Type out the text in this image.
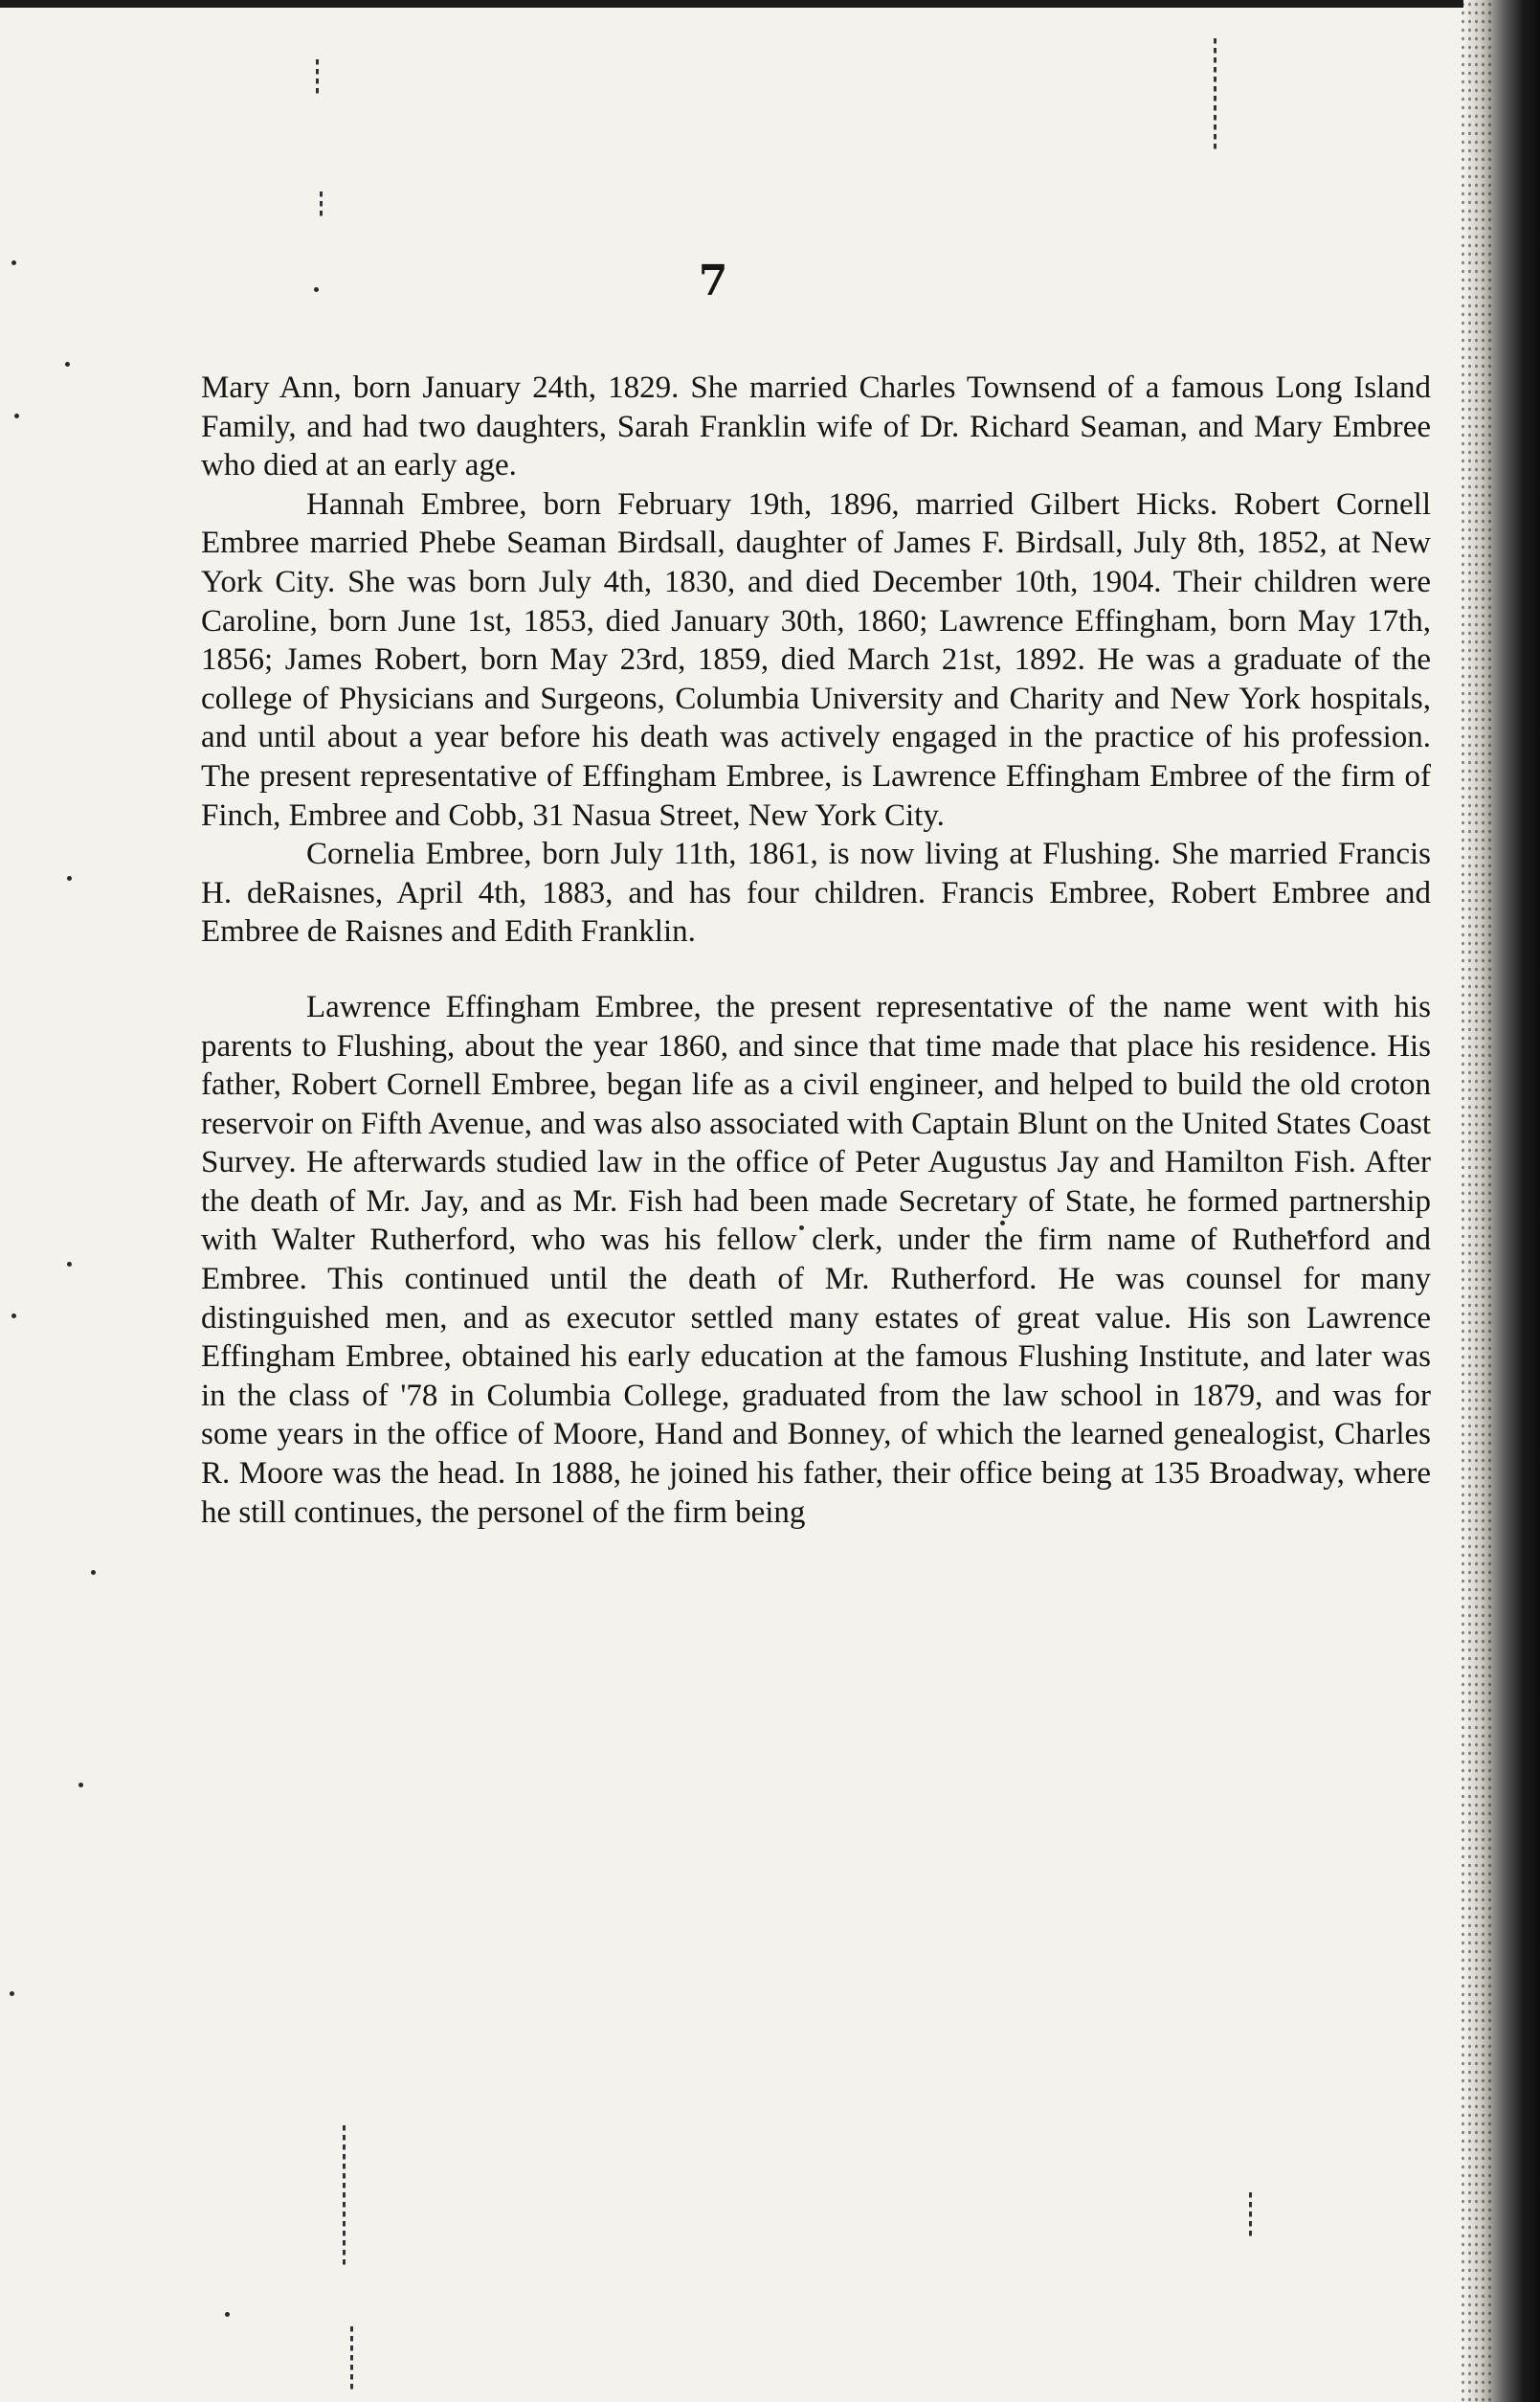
7

Mary Ann, born January 24th, 1829. She married Charles Townsend of a famous Long Island Family, and had two daughters, Sarah Franklin wife of Dr. Richard Seaman, and Mary Embree who died at an early age.

Hannah Embree, born February 19th, 1896, married Gilbert Hicks. Robert Cornell Embree married Phebe Seaman Birdsall, daughter of James F. Birdsall, July 8th, 1852, at New York City. She was born July 4th, 1830, and died December 10th, 1904. Their children were Caroline, born June 1st, 1853, died January 30th, 1860; Lawrence Effingham, born May 17th, 1856; James Robert, born May 23rd, 1859, died March 21st, 1892. He was a graduate of the college of Physicians and Surgeons, Columbia University and Charity and New York hospitals, and until about a year before his death was actively engaged in the practice of his profession. The present representative of Effingham Embree, is Lawrence Effingham Embree of the firm of Finch, Embree and Cobb, 31 Nasua Street, New York City.

Cornelia Embree, born July 11th, 1861, is now living at Flushing. She married Francis H. deRaisnes, April 4th, 1883, and has four children. Francis Embree, Robert Embree and Embree de Raisnes and Edith Franklin.

Lawrence Effingham Embree, the present representative of the name went with his parents to Flushing, about the year 1860, and since that time made that place his residence. His father, Robert Cornell Embree, began life as a civil engineer, and helped to build the old croton reservoir on Fifth Avenue, and was also associated with Captain Blunt on the United States Coast Survey. He afterwards studied law in the office of Peter Augustus Jay and Hamilton Fish. After the death of Mr. Jay, and as Mr. Fish had been made Secretary of State, he formed partnership with Walter Rutherford, who was his fellow clerk, under the firm name of Rutherford and Embree. This continued until the death of Mr. Rutherford. He was counsel for many distinguished men, and as executor settled many estates of great value. His son Lawrence Effingham Embree, obtained his early education at the famous Flushing Institute, and later was in the class of '78 in Columbia College, graduated from the law school in 1879, and was for some years in the office of Moore, Hand and Bonney, of which the learned genealogist, Charles R. Moore was the head. In 1888, he joined his father, their office being at 135 Broadway, where he still continues, the personel of the firm being
